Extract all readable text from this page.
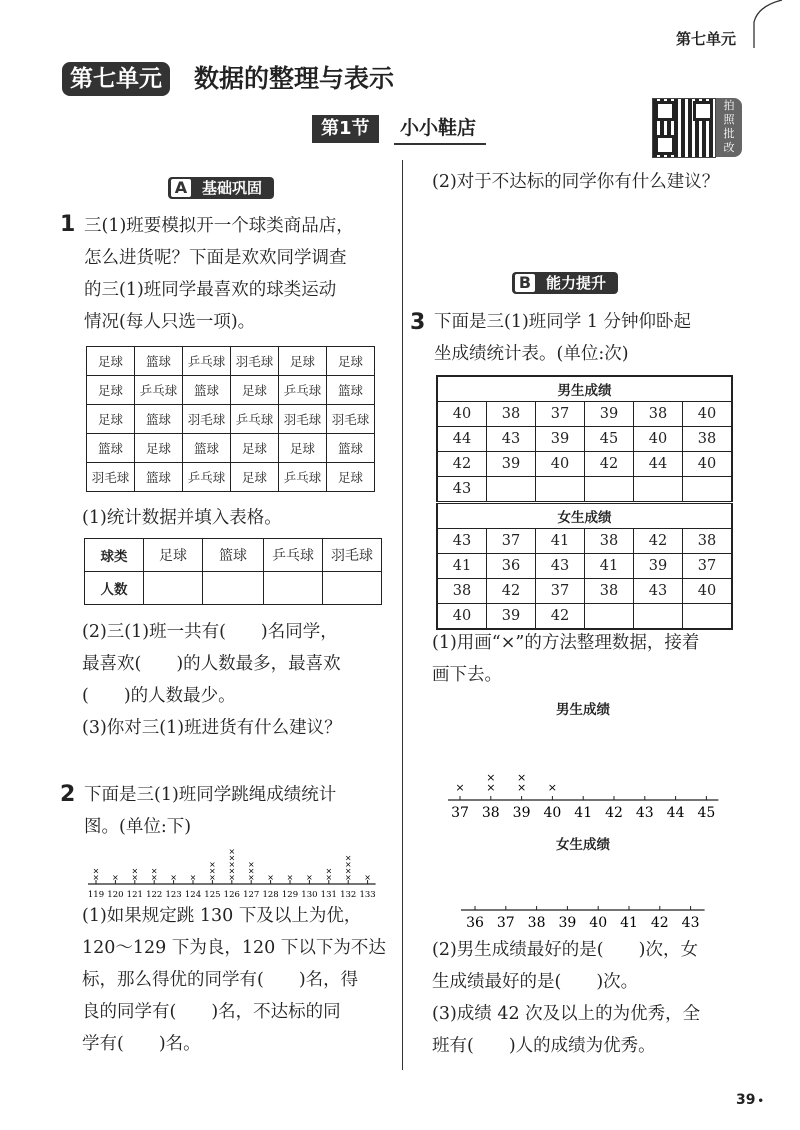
第七单元
第七单元	数据的整理与表示
第1节	小小鞋店
拍
照
批
改
A 基础巩固
1 三(1)班要模拟开一个球类商品店，
怎么进货呢？下面是欢欢同学调查
的三(1)班同学最喜欢的球类运动
情况(每人只选一项)。
足球	篮球	乒乓球	羽毛球	足球	足球
足球	乒乓球	篮球	足球	乒乓球	篮球
足球	篮球	羽毛球	乒乓球	羽毛球	羽毛球
篮球	足球	篮球	足球	足球	篮球
羽毛球	篮球	乒乓球	足球	乒乓球	足球
(1)统计数据并填入表格。
球类	足球	篮球	乒乓球	羽毛球
人数				
(2)三(1)班一共有(　　)名同学，
最喜欢(　　)的人数最多，最喜欢
(　　)的人数最少。
(3)你对三(1)班进货有什么建议？
2 下面是三(1)班同学跳绳成绩统计
图。(单位:下)
119
×
×
120
×
121
×
×
122
×
×
123
×
124
×
125
×
×
×
126
×
×
×
×
×
127
×
×
×
128
×
129
×
130
×
131
×
×
132
×
×
×
×
133
×
(1)如果规定跳 130 下及以上为优，
120～129 下为良，120 下以下为不达
标，那么得优的同学有(　　)名，得
良的同学有(　　)名，不达标的同
学有(　　)名。
(2)对于不达标的同学你有什么建议？
B 能力提升
3 下面是三(1)班同学 1 分钟仰卧起
坐成绩统计表。(单位:次)
男生成绩					
40	38	37	39	38	40
44	43	39	45	40	38
42	39	40	42	44	40
43					
女生成绩					
43	37	41	38	42	38
41	36	43	41	39	37
38	42	37	38	43	40
40	39	42			
(1)用画“×”的方法整理数据，接着
画下去。
男生成绩
37
×
38
×
×
39
×
×
40
×
41 42 43 44 45
女生成绩
36 37 38 39 40 41 42 43
(2)男生成绩最好的是(　　)次，女
生成绩最好的是(　　)次。
(3)成绩 42 次及以上的为优秀，全
班有(　　)人的成绩为优秀。
39 •
